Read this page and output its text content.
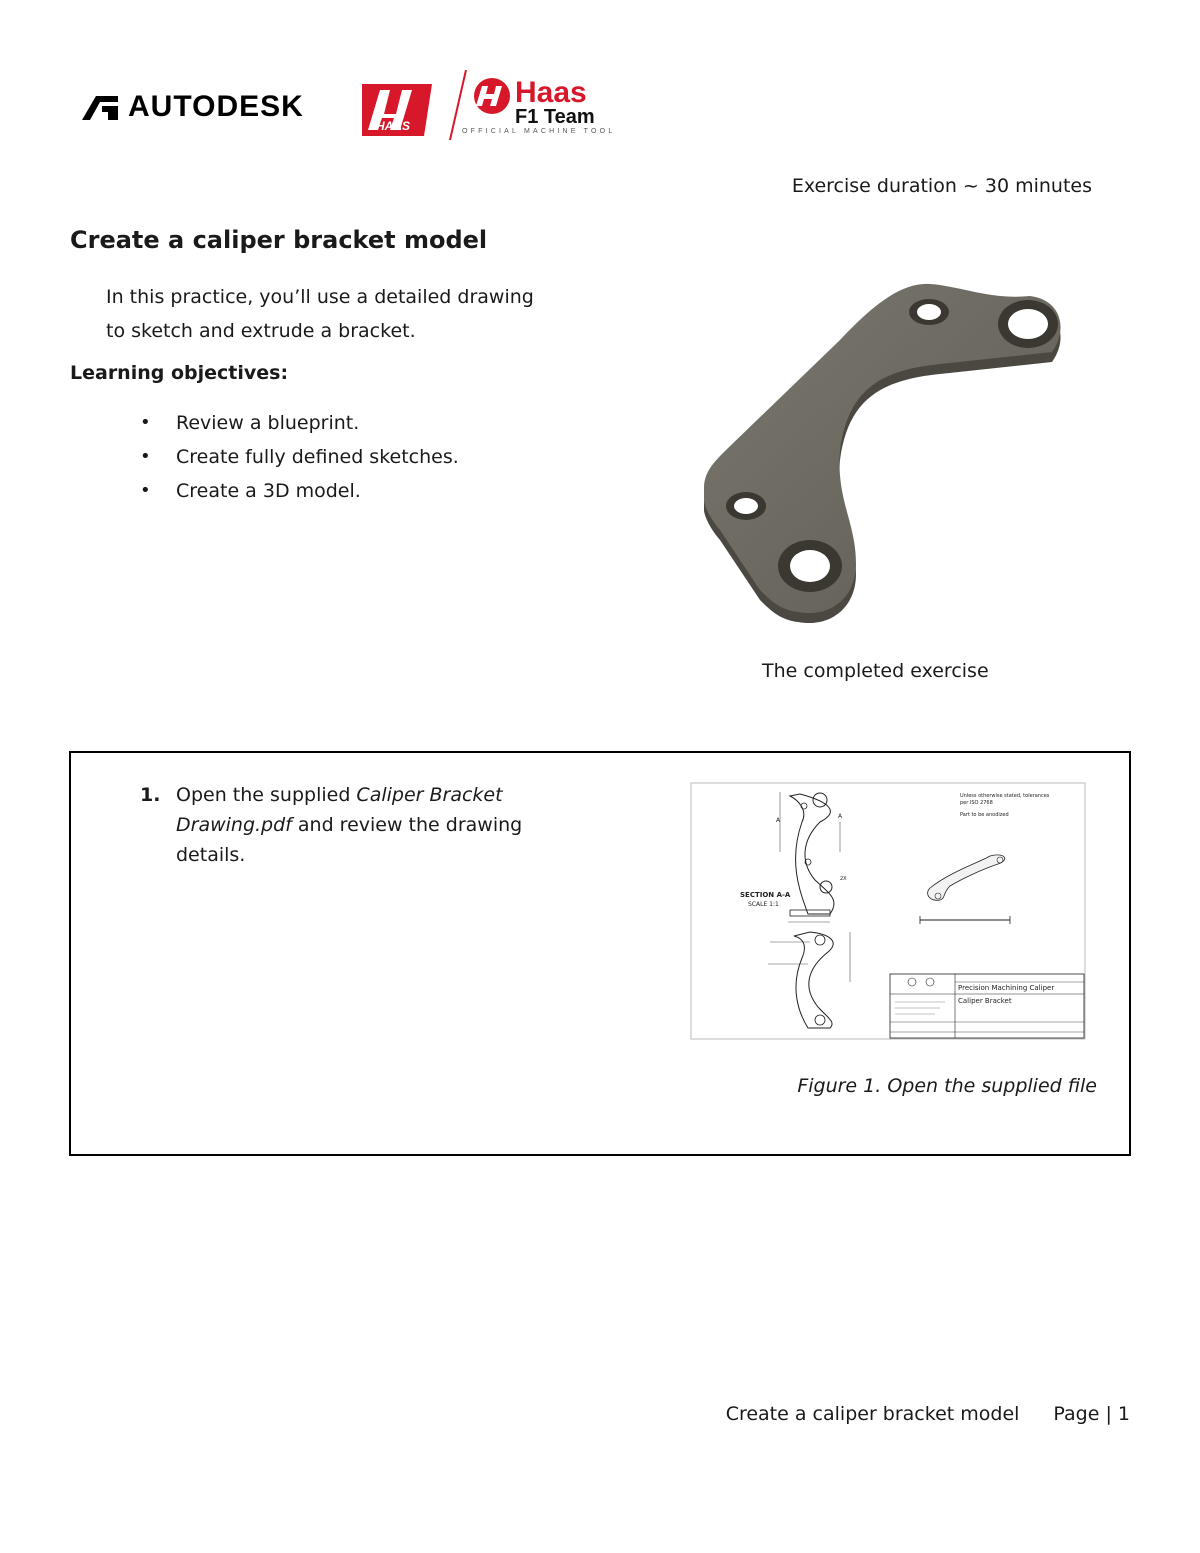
AUTODESK
HAAS
Haas
F1 Team
OFFICIAL MACHINE TOOL
Exercise duration ~ 30 minutes
Create a caliper bracket model
In this practice, you’ll use a detailed drawing
to sketch and extrude a bracket.
Learning objectives:
• Review a blueprint.
• Create fully defined sketches.
• Create a 3D model.
The completed exercise
1. Open the supplied Caliper Bracket Drawing.pdf and review the drawing details.
A
A
2X
SECTION A-A
SCALE 1:1
Unless otherwise stated, tolerances
per ISO 2768
Part to be anodized
Precision Machining Caliper
Caliper Bracket
Figure 1. Open the supplied file
Create a caliper bracket model Page | 1
